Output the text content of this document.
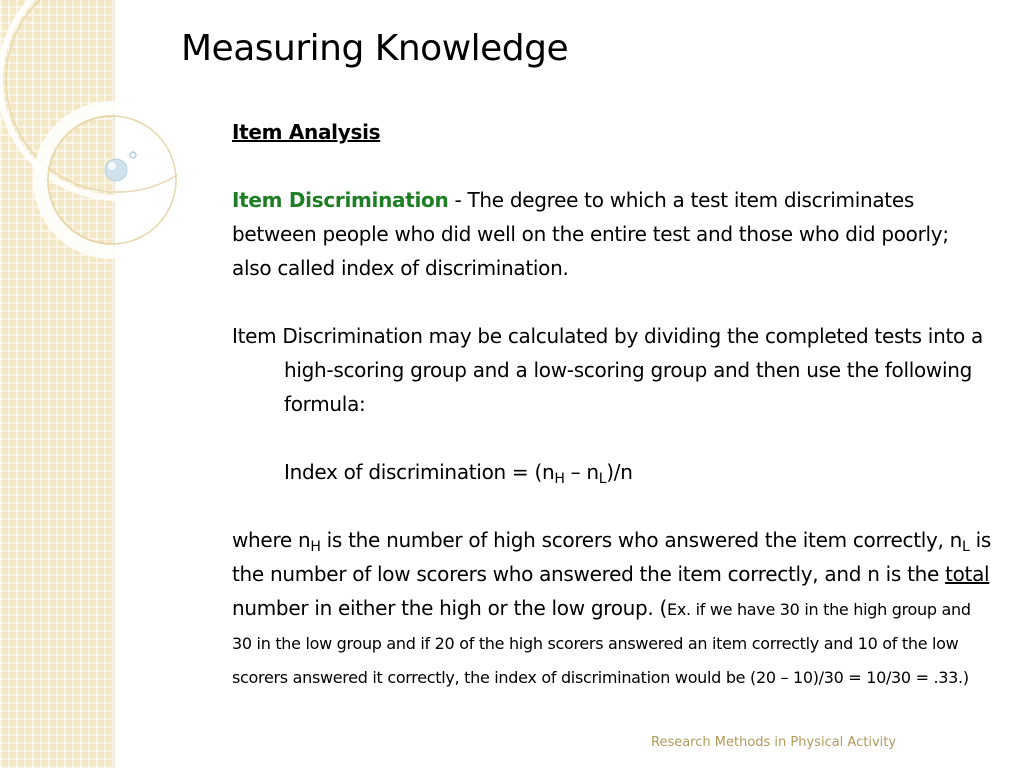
Measuring Knowledge
Item Analysis
Item Discrimination - The degree to which a test item discriminates between people who did well on the entire test and those who did poorly; also called index of discrimination.
Item Discrimination may be calculated by dividing the completed tests into a high-scoring group and a low-scoring group and then use the following formula:
Index of discrimination = $(n_H - n_L)/n$
where $n_H$ is the number of high scorers who answered the item correctly, $n_L$ is the number of low scorers who answered the item correctly, and n is the total number in either the high or the low group. (Ex. if we have 30 in the high group and 30 in the low group and if 20 of the high scorers answered an item correctly and 10 of the low scorers answered it correctly, the index of discrimination would be (20 – 10)/30 = 10/30 = .33.)
Research Methods in Physical Activity
